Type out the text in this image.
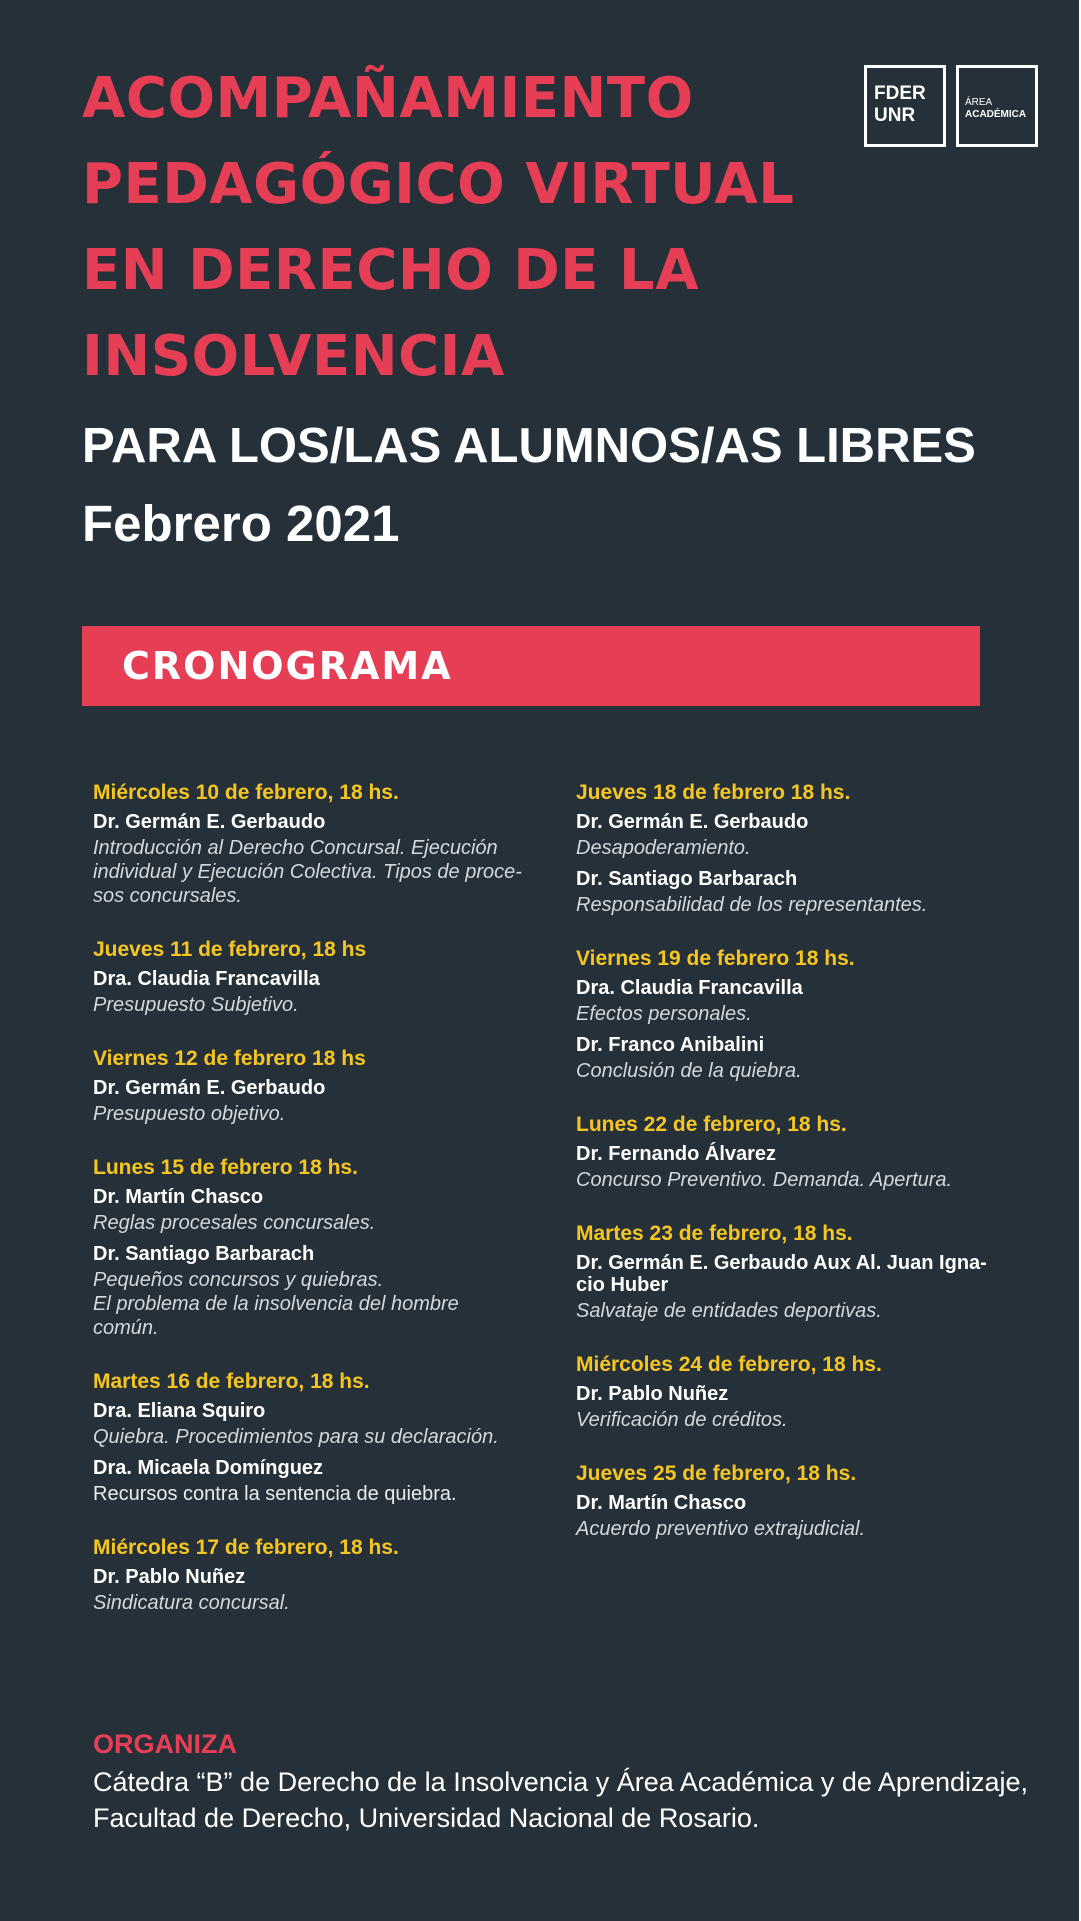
ACOMPAÑAMIENTO
PEDAGÓGICO VIRTUAL
EN DERECHO DE LA
INSOLVENCIA
FDER
UNR
ÁREA
ACADÉMICA
PARA LOS/LAS ALUMNOS/AS LIBRES
Febrero 2021
CRONOGRAMA
Miércoles 10 de febrero, 18 hs.
Dr. Germán E. Gerbaudo
Introducción al Derecho Concursal. Ejecución
individual y Ejecución Colectiva. Tipos de proce-
sos concursales.
Jueves 11 de febrero, 18 hs
Dra. Claudia Francavilla
Presupuesto Subjetivo.
Viernes 12 de febrero 18 hs
Dr. Germán E. Gerbaudo
Presupuesto objetivo.
Lunes 15 de febrero 18 hs.
Dr. Martín Chasco
Reglas procesales concursales.
Dr. Santiago Barbarach
Pequeños concursos y quiebras.
El problema de la insolvencia del hombre
común.
Martes 16 de febrero, 18 hs.
Dra. Eliana Squiro
Quiebra. Procedimientos para su declaración.
Dra. Micaela Domínguez
Recursos contra la sentencia de quiebra.
Miércoles 17 de febrero, 18 hs.
Dr. Pablo Nuñez
Sindicatura concursal.
Jueves 18 de febrero 18 hs.
Dr. Germán E. Gerbaudo
Desapoderamiento.
Dr. Santiago Barbarach
Responsabilidad de los representantes.
Viernes 19 de febrero 18 hs.
Dra. Claudia Francavilla
Efectos personales.
Dr. Franco Anibalini
Conclusión de la quiebra.
Lunes 22 de febrero, 18 hs.
Dr. Fernando Álvarez
Concurso Preventivo. Demanda. Apertura.
Martes 23 de febrero, 18 hs.
Dr. Germán E. Gerbaudo Aux Al. Juan Igna-
cio Huber
Salvataje de entidades deportivas.
Miércoles 24 de febrero, 18 hs.
Dr. Pablo Nuñez
Verificación de créditos.
Jueves 25 de febrero, 18 hs.
Dr. Martín Chasco
Acuerdo preventivo extrajudicial.
ORGANIZA
Cátedra “B” de Derecho de la Insolvencia y Área Académica y de Aprendizaje, Facultad de Derecho, Universidad Nacional de Rosario.
